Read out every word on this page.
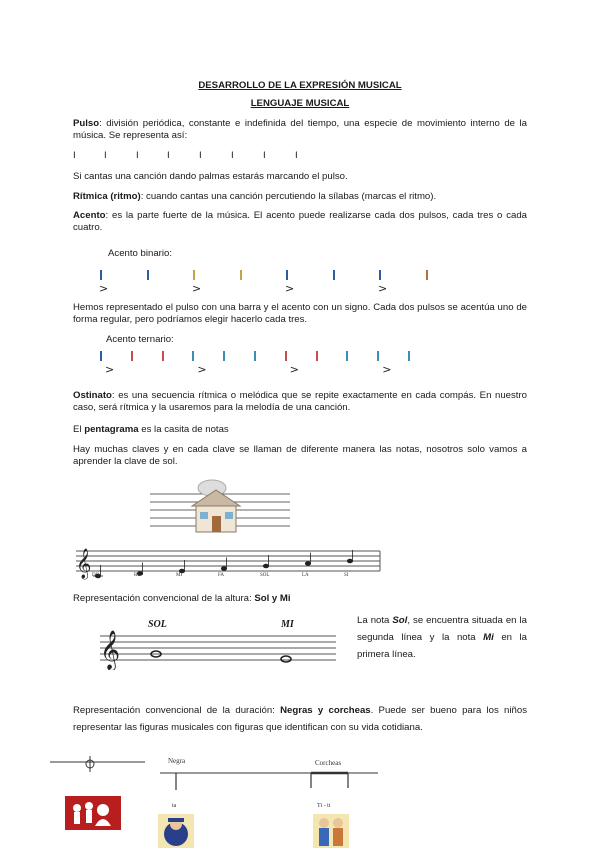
DESARROLLO DE LA EXPRESIÓN MUSICAL
LENGUAJE MUSICAL
Pulso: división periódica, constante e indefinida del tiempo, una especie de movimiento interno de la música. Se representa así:
I	I	I	I	I	I	I	I
Si cantas una canción dando palmas estarás marcando el pulso.
Rítmica (ritmo): cuando cantas una canción percutiendo la sílabas (marcas el ritmo).
Acento: es la parte fuerte de la música. El acento puede realizarse cada dos pulsos, cada tres o cada cuatro.
Acento binario:
>	>	>	>
Hemos representado el pulso con una barra y el acento con un signo. Cada dos pulsos se acentúa uno de forma regular, pero podríamos elegir hacerlo cada tres.
Acento ternario:
>	>	>	>
Ostinato: es una secuencia rítmica o melódica que se repite exactamente en cada compás. En nuestro caso, será rítmica y la usaremos para la melodía de una canción.
El pentagrama es la casita de notas
Hay muchas claves y en cada clave se llaman de diferente manera las notas, nosotros solo vamos a aprender la clave de sol.
𝄞 DO	RE	MI	FA	SOL	LA	SI
Representación convencional de la altura: Sol y Mi
𝄞
SOL	MI	La nota Sol, se encuentra situada en la segunda línea y la nota Mi en la primera línea.
Representación convencional de la duración: Negras y corcheas. Puede ser bueno para los niños representar las figuras musicales con figuras que identifican con su vida cotidiana.
Negra	Corcheas
ta	Ti - ti
